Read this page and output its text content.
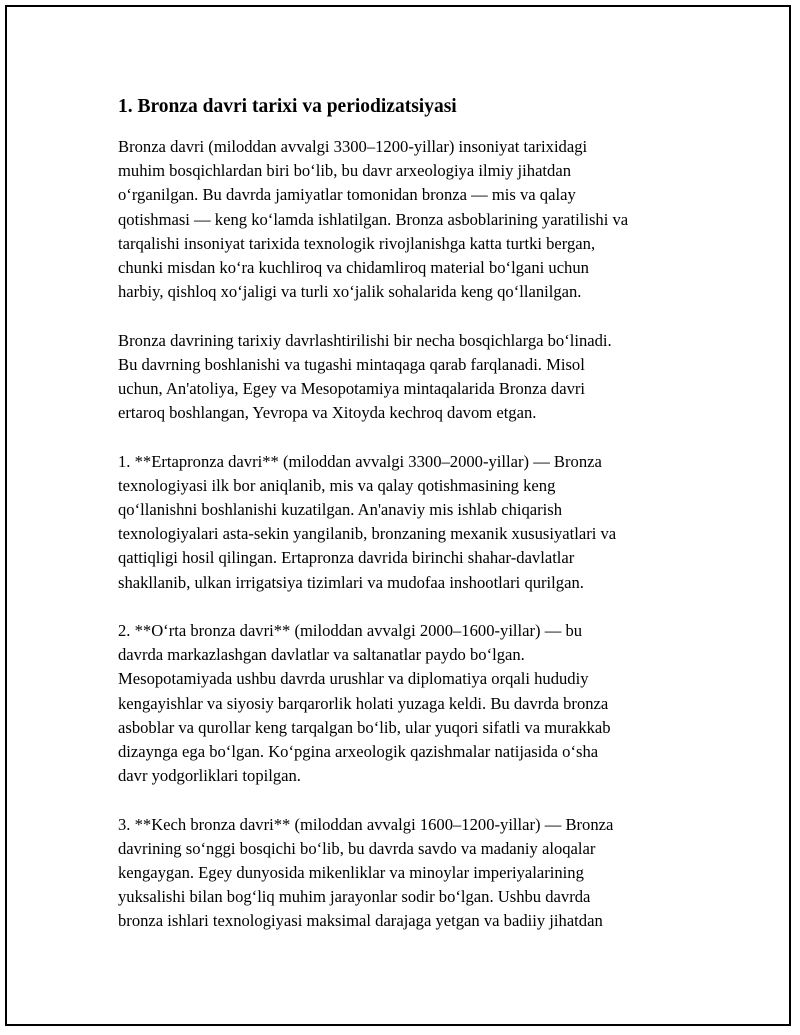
1. Bronza davri tarixi va periodizatsiyasi
Bronza davri (miloddan avvalgi 3300–1200-yillar) insoniyat tarixidagi
muhim bosqichlardan biri bo‘lib, bu davr arxeologiya ilmiy jihatdan
o‘rganilgan. Bu davrda jamiyatlar tomonidan bronza — mis va qalay
qotishmasi — keng ko‘lamda ishlatilgan. Bronza asboblarining yaratilishi va
tarqalishi insoniyat tarixida texnologik rivojlanishga katta turtki bergan,
chunki misdan ko‘ra kuchliroq va chidamliroq material bo‘lgani uchun
harbiy, qishloq xo‘jaligi va turli xo‘jalik sohalarida keng qo‘llanilgan.
Bronza davrining tarixiy davrlashtirilishi bir necha bosqichlarga bo‘linadi.
Bu davrning boshlanishi va tugashi mintaqaga qarab farqlanadi. Misol
uchun, An'atoliya, Egey va Mesopotamiya mintaqalarida Bronza davri
ertaroq boshlangan, Yevropa va Xitoyda kechroq davom etgan.
1. **Ertapronza davri** (miloddan avvalgi 3300–2000-yillar) — Bronza
texnologiyasi ilk bor aniqlanib, mis va qalay qotishmasining keng
qo‘llanishni boshlanishi kuzatilgan. An'anaviy mis ishlab chiqarish
texnologiyalari asta-sekin yangilanib, bronzaning mexanik xususiyatlari va
qattiqligi hosil qilingan. Ertapronza davrida birinchi shahar-davlatlar
shakllanib, ulkan irrigatsiya tizimlari va mudofaa inshootlari qurilgan.
2. **O‘rta bronza davri** (miloddan avvalgi 2000–1600-yillar) — bu
davrda markazlashgan davlatlar va saltanatlar paydo bo‘lgan.
Mesopotamiyada ushbu davrda urushlar va diplomatiya orqali hududiy
kengayishlar va siyosiy barqarorlik holati yuzaga keldi. Bu davrda bronza
asboblar va qurollar keng tarqalgan bo‘lib, ular yuqori sifatli va murakkab
dizaynga ega bo‘lgan. Ko‘pgina arxeologik qazishmalar natijasida o‘sha
davr yodgorliklari topilgan.
3. **Kech bronza davri** (miloddan avvalgi 1600–1200-yillar) — Bronza
davrining so‘nggi bosqichi bo‘lib, bu davrda savdo va madaniy aloqalar
kengaygan. Egey dunyosida mikenliklar va minoylar imperiyalarining
yuksalishi bilan bog‘liq muhim jarayonlar sodir bo‘lgan. Ushbu davrda
bronza ishlari texnologiyasi maksimal darajaga yetgan va badiiy jihatdan
